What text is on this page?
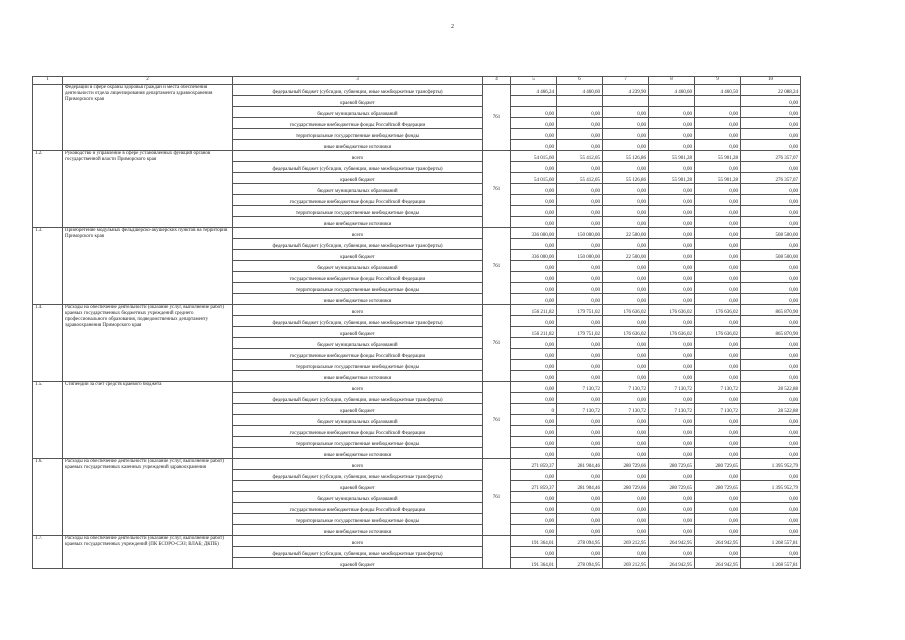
2
1	2	3	4	5	6	7	8	9	10
	Федерации в сфере охраны здоровья граждан и места обеспечения деятельности отдела лицензирования департамента здравоохранения Приморского края	федеральный бюджет (субсидии, субвенции, иные межбюджетные трансферты)	761	4 466,24	4 460,60	4 239,90	4 460,60	4 460,50	22 088,24
		краевой бюджет							0,00
		бюджет муниципальных образований		0,00	0,00	0,00	0,00	0,00	0,00
		государственные внебюджетные фонды Российской Федерации		0,00	0,00	0,00	0,00	0,00	0,00
		территориальные государственные внебюджетные фонды		0,00	0,00	0,00	0,00	0,00	0,00
		иные внебюджетные источники		0,00	0,00	0,00	0,00	0,00	0,00
1.2.	Руководство и управление в сфере установленных функций органов государственной власти Приморского края	всего	761	54 015,60	55 412,05	55 126,86	55 901,28	55 901,28	276 357,07
		федеральный бюджет (субсидии, субвенции, иные межбюджетные трансферты)		0,00	0,00	0,00	0,00	0,00	0,00
		краевой бюджет		54 015,60	55 412,05	55 126,86	55 901,28	55 901,28	276 357,07
		бюджет муниципальных образований		0,00	0,00	0,00	0,00	0,00	0,00
		государственные внебюджетные фонды Российской Федерации		0,00	0,00	0,00	0,00	0,00	0,00
		территориальные государственные внебюджетные фонды		0,00	0,00	0,00	0,00	0,00	0,00
		иные внебюджетные источники		0,00	0,00	0,00	0,00	0,00	0,00
1.3.	Приобретение модульных фельдшерско-акушерских пунктов на территории Приморского края	всего	761	336 000,00	150 000,00	22 500,00	0,00	0,00	508 500,00
		федеральный бюджет (субсидии, субвенции, иные межбюджетные трансферты)		0,00	0,00	0,00	0,00	0,00	0,00
		краевой бюджет		336 000,00	150 000,00	22 500,00	0,00	0,00	508 500,00
		бюджет муниципальных образований		0,00	0,00	0,00	0,00	0,00	0,00
		государственные внебюджетные фонды Российской Федерации		0,00	0,00	0,00	0,00	0,00	0,00
		территориальные государственные внебюджетные фонды		0,00	0,00	0,00	0,00	0,00	0,00
		иные внебюджетные источники		0,00	0,00	0,00	0,00	0,00	0,00
1.4.	Расходы на обеспечение деятельности (оказание услуг, выполнение работ) краевых государственных бюджетных учреждений среднего профессионального образования, подведомственных департаменту здравоохранения Приморского края	всего	761	156 211,82	179 751,02	176 636,02	176 636,02	176 636,02	865 870,90
		федеральный бюджет (субсидии, субвенции, иные межбюджетные трансферты)		0,00	0,00	0,00	0,00	0,00	0,00
		краевой бюджет		156 211,82	179 751,02	176 636,02	176 636,02	176 636,02	865 870,90
		бюджет муниципальных образований		0,00	0,00	0,00	0,00	0,00	0,00
		государственные внебюджетные фонды Российской Федерации		0,00	0,00	0,00	0,00	0,00	0,00
		территориальные государственные внебюджетные фонды		0,00	0,00	0,00	0,00	0,00	0,00
		иные внебюджетные источники		0,00	0,00	0,00	0,00	0,00	0,00
1.5.	Стипендии за счет средств краевого бюджета	всего	761	0,00	7 130,72	7 130,72	7 130,72	7 130,72	28 522,88
		федеральный бюджет (субсидии, субвенции, иные межбюджетные трансферты)		0,00	0,00	0,00	0,00	0,00	0,00
		краевой бюджет		0	7 130,72	7 130,72	7 130,72	7 130,72	28 522,88
		бюджет муниципальных образований		0,00	0,00	0,00	0,00	0,00	0,00
		государственные внебюджетные фонды Российской Федерации		0,00	0,00	0,00	0,00	0,00	0,00
		территориальные государственные внебюджетные фонды		0,00	0,00	0,00	0,00	0,00	0,00
		иные внебюджетные источники		0,00	0,00	0,00	0,00	0,00	0,00
1.6.	Расходы на обеспечение деятельности (оказание услуг, выполнение работ) краевых государственных казенных учреждений здравоохранения	всего	761	271 859,37	281 904,46	280 729,66	280 729,65	280 729,65	1 395 952,79
		федеральный бюджет (субсидии, субвенции, иные межбюджетные трансферты)		0,00	0,00	0,00	0,00	0,00	0,00
		краевой бюджет		271 859,37	281 904,46	280 729,66	280 729,65	280 729,65	1 395 952,79
		бюджет муниципальных образований		0,00	0,00	0,00	0,00	0,00	0,00
		государственные внебюджетные фонды Российской Федерации		0,00	0,00	0,00	0,00	0,00	0,00
		территориальные государственные внебюджетные фонды		0,00	0,00	0,00	0,00	0,00	0,00
		иные внебюджетные источники		0,00	0,00	0,00	0,00	0,00	0,00
1.7.	Расходы на обеспечение деятельности (оказание услуг, выполнение работ) краевых государственных учреждений (ПК БСОРО-СЭЗ; ВЛАБ; ДКПБ)	всего		191 364,01	278 094,95	269 212,95	264 942,95	264 942,95	1 268 557,81
		федеральный бюджет (субсидии, субвенции, иные межбюджетные трансферты)		0,00	0,00	0,00	0,00	0,00	0,00
		краевой бюджет		191 364,01	278 094,95	269 212,95	264 942,95	264 942,95	1 268 557,81
